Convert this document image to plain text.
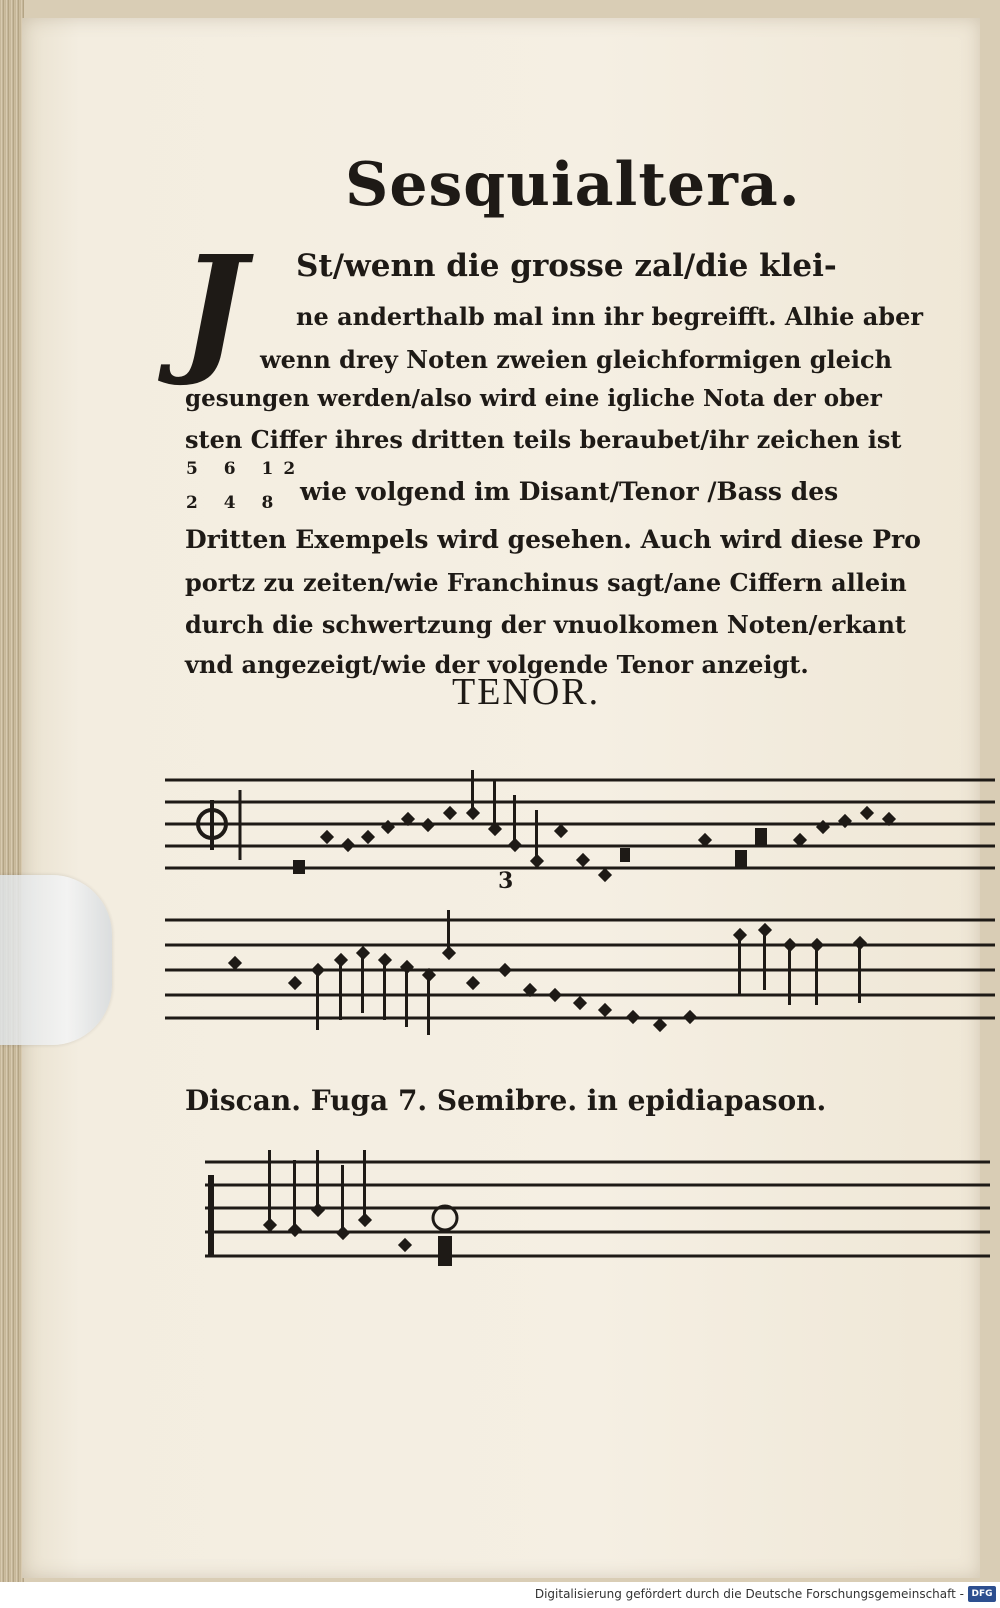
Sesquialtera.
J St/wenn die grosse zal/die klei-
ne anderthalb mal inn ihr begreifft. Alhie aber
wenn drey Noten zweien gleichformigen gleich
gesungen werden/also wird eine igliche Nota der ober
sten Ciffer ihres dritten teils beraubet/ihr zeichen ist
5 6 12
2 4 8 wie volgend im Disant/Tenor /Bass des
Dritten Exempels wird gesehen. Auch wird diese Pro
portz zu zeiten/wie Franchinus sagt/ane Ciffern allein
durch die schwertzung der vnuolkomen Noten/erkant
vnd angezeigt/wie der volgende Tenor anzeigt.
TENOR.
3
Discan. Fuga 7. Semibre. in epidiapason.
Digitalisierung gefördert durch die Deutsche Forschungsgemeinschaft - DFG
